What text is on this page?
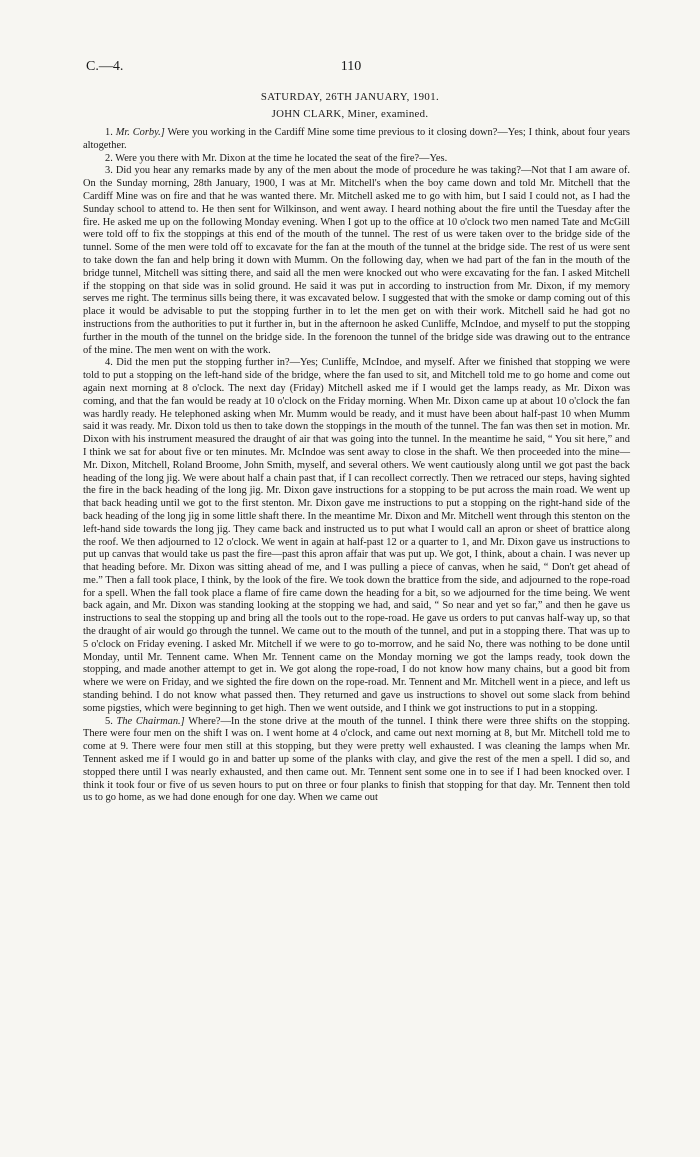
C.—4.	110
SATURDAY, 26TH JANUARY, 1901.
JOHN CLARK, Miner, examined.

1. Mr. Corby.] Were you working in the Cardiff Mine some time previous to it closing down?—Yes; I think, about four years altogether.

2. Were you there with Mr. Dixon at the time he located the seat of the fire?—Yes.

3. Did you hear any remarks made by any of the men about the mode of procedure he was taking?—Not that I am aware of. On the Sunday morning, 28th January, 1900, I was at Mr. Mitchell's when the boy came down and told Mr. Mitchell that the Cardiff Mine was on fire and that he was wanted there. Mr. Mitchell asked me to go with him, but I said I could not, as I had the Sunday school to attend to. He then sent for Wilkinson, and went away. I heard nothing about the fire until the Tuesday after the fire. He asked me up on the following Monday evening. When I got up to the office at 10 o'clock two men named Tate and McGill were told off to fix the stoppings at this end of the mouth of the tunnel. The rest of us were taken over to the bridge side of the tunnel. Some of the men were told off to excavate for the fan at the mouth of the tunnel at the bridge side. The rest of us were sent to take down the fan and help bring it down with Mumm. On the following day, when we had part of the fan in the mouth of the bridge tunnel, Mitchell was sitting there, and said all the men were knocked out who were excavating for the fan. I asked Mitchell if the stopping on that side was in solid ground. He said it was put in according to instruction from Mr. Dixon, if my memory serves me right. The terminus sills being there, it was excavated below. I suggested that with the smoke or damp coming out of this place it would be advisable to put the stopping further in to let the men get on with their work. Mitchell said he had got no instructions from the authorities to put it further in, but in the afternoon he asked Cunliffe, McIndoe, and myself to put the stopping further in the mouth of the tunnel on the bridge side. In the forenoon the tunnel of the bridge side was drawing out to the entrance of the mine. The men went on with the work.

4. Did the men put the stopping further in?—Yes; Cunliffe, McIndoe, and myself. After we finished that stopping we were told to put a stopping on the left-hand side of the bridge, where the fan used to sit, and Mitchell told me to go home and come out again next morning at 8 o'clock. The next day (Friday) Mitchell asked me if I would get the lamps ready, as Mr. Dixon was coming, and that the fan would be ready at 10 o'clock on the Friday morning. When Mr. Dixon came up at about 10 o'clock the fan was hardly ready. He telephoned asking when Mr. Mumm would be ready, and it must have been about half-past 10 when Mumm said it was ready. Mr. Dixon told us then to take down the stoppings in the mouth of the tunnel. The fan was then set in motion. Mr. Dixon with his instrument measured the draught of air that was going into the tunnel. In the meantime he said, “ You sit here,” and I think we sat for about five or ten minutes. Mr. McIndoe was sent away to close in the shaft. We then proceeded into the mine—Mr. Dixon, Mitchell, Roland Broome, John Smith, myself, and several others. We went cautiously along until we got past the back heading of the long jig. We were about half a chain past that, if I can recollect correctly. Then we retraced our steps, having sighted the fire in the back heading of the long jig. Mr. Dixon gave instructions for a stopping to be put across the main road. We went up that back heading until we got to the first stenton. Mr. Dixon gave me instructions to put a stopping on the right-hand side of the back heading of the long jig in some little shaft there. In the meantime Mr. Dixon and Mr. Mitchell went through this stenton on the left-hand side towards the long jig. They came back and instructed us to put what I would call an apron or sheet of brattice along the roof. We then adjourned to 12 o'clock. We went in again at half-past 12 or a quarter to 1, and Mr. Dixon gave us instructions to put up canvas that would take us past the fire—past this apron affair that was put up. We got, I think, about a chain. I was never up that heading before. Mr. Dixon was sitting ahead of me, and I was pulling a piece of canvas, when he said, “ Don't get ahead of me.” Then a fall took place, I think, by the look of the fire. We took down the brattice from the side, and adjourned to the rope-road for a spell. When the fall took place a flame of fire came down the heading for a bit, so we adjourned for the time being. We went back again, and Mr. Dixon was standing looking at the stopping we had, and said, “ So near and yet so far,” and then he gave us instructions to seal the stopping up and bring all the tools out to the rope-road. He gave us orders to put canvas half-way up, so that the draught of air would go through the tunnel. We came out to the mouth of the tunnel, and put in a stopping there. That was up to 5 o'clock on Friday evening. I asked Mr. Mitchell if we were to go to-morrow, and he said No, there was nothing to be done until Monday, until Mr. Tennent came. When Mr. Tennent came on the Monday morning we got the lamps ready, took down the stopping, and made another attempt to get in. We got along the rope-road, I do not know how many chains, but a good bit from where we were on Friday, and we sighted the fire down on the rope-road. Mr. Tennent and Mr. Mitchell went in a piece, and left us standing behind. I do not know what passed then. They returned and gave us instructions to shovel out some slack from behind some pigsties, which were beginning to get high. Then we went outside, and I think we got instructions to put in a stopping.

5. The Chairman.] Where?—In the stone drive at the mouth of the tunnel. I think there were three shifts on the stopping. There were four men on the shift I was on. I went home at 4 o'clock, and came out next morning at 8, but Mr. Mitchell told me to come at 9. There were four men still at this stopping, but they were pretty well exhausted. I was cleaning the lamps when Mr. Tennent asked me if I would go in and batter up some of the planks with clay, and give the rest of the men a spell. I did so, and stopped there until I was nearly exhausted, and then came out. Mr. Tennent sent some one in to see if I had been knocked over. I think it took four or five of us seven hours to put on three or four planks to finish that stopping for that day. Mr. Tennent then told us to go home, as we had done enough for one day. When we came out
